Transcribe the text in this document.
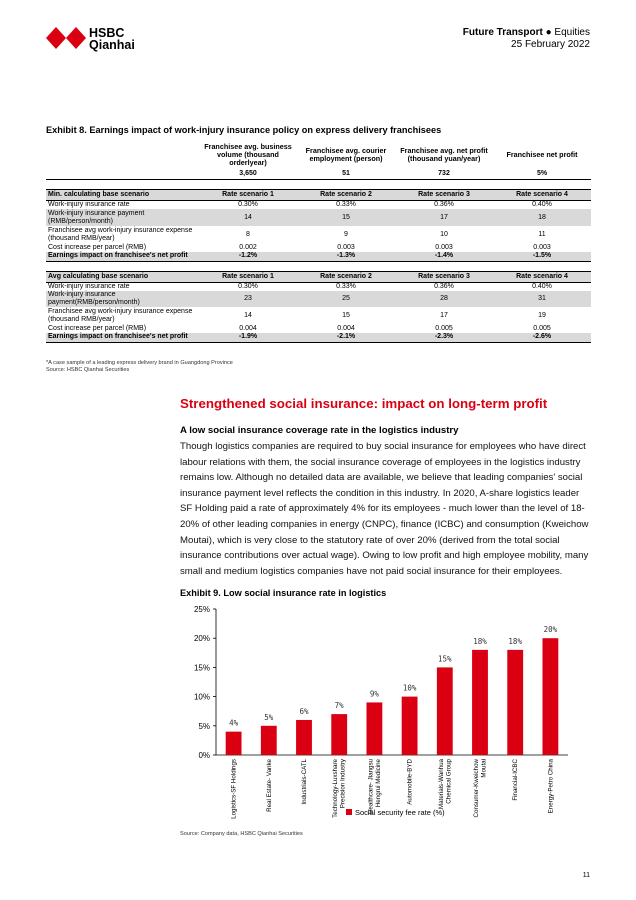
HSBC
Qianhai
Future Transport ● Equities
25 February 2022
Exhibit 8. Earnings impact of work-injury insurance policy on express delivery franchisees
	Franchisee avg. business volume (thousand orderlyear)	Franchisee avg. courier employment (person)	Franchisee avg. net profit (thousand yuan/year)	Franchisee net profit
	3,650	51	732	5%

Min. calculating base scenario	Rate scenario 1	Rate scenario 2	Rate scenario 3	Rate scenario 4
Work-injury insurance rate	0.30%	0.33%	0.36%	0.40%
Work-injury insurance payment (RMB/person/month)	14	15	17	18
Franchisee avg work-injury insurance expense (thousand RMB/year)	8	9	10	11
Cost increase per parcel (RMB)	0.002	0.003	0.003	0.003
Earnings impact on franchisee's net profit	-1.2%	-1.3%	-1.4%	-1.5%

Avg calculating base scenario	Rate scenario 1	Rate scenario 2	Rate scenario 3	Rate scenario 4
Work-injury insurance rate	0.30%	0.33%	0.36%	0.40%
Work-injury insurance payment(RMB/person/month)	23	25	28	31
Franchisee avg work-injury insurance expense (thousand RMB/year)	14	15	17	19
Cost increase per parcel (RMB)	0.004	0.004	0.005	0.005
Earnings impact on franchisee's net profit	-1.9%	-2.1%	-2.3%	-2.6%
*A case sample of a leading express delivery brand in Guangdong Province
Source: HSBC Qianhai Securities
Strengthened social insurance: impact on long-term profit
A low social insurance coverage rate in the logistics industry
Though logistics companies are required to buy social insurance for employees who have direct labour relations with them, the social insurance coverage of employees in the logistics industry remains low. Although no detailed data are available, we believe that leading companies' social insurance payment level reflects the condition in this industry. In 2020, A-share logistics leader SF Holding paid a rate of approximately 4% for its employees - much lower than the level of 18-20% of other leading companies in energy (CNPC), finance (ICBC) and consumption (Kweichow Moutai), which is very close to the statutory rate of over 20% (derived from the total social insurance contributions over actual wage). Owing to low profit and high employee mobility, many small and medium logistics companies have not paid social insurance for their employees.
Exhibit 9. Low social insurance rate in logistics
0%
5%
10%
15%
20%
25%
4%
Logistics-SF Holdings
5%
Real Estate- Vanke
6%
Industrials-CATL
7%
Technology-LuxsharePrecision Industry
9%
Healthcare- JiangsuHengrui Medicine
10%
Automobile-BYD
15%
Materials-WanhuaChemical Group
18%
Consumer-KweichowMoutai
18%
Financial-ICBC
20%
Energy-Petro China
Social security fee rate (%)
Source: Company data, HSBC Qianhai Securities
11
